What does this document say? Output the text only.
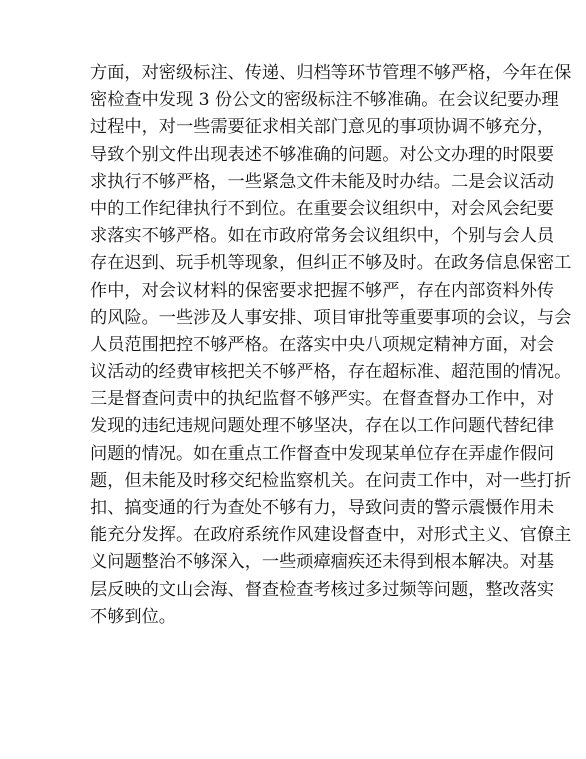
方面，对密级标注、传递、归档等环节管理不够严格，今年在保
密检查中发现 3 份公文的密级标注不够准确。在会议纪要办理
过程中，对一些需要征求相关部门意见的事项协调不够充分，
导致个别文件出现表述不够准确的问题。对公文办理的时限要
求执行不够严格，一些紧急文件未能及时办结。二是会议活动
中的工作纪律执行不到位。在重要会议组织中，对会风会纪要
求落实不够严格。如在市政府常务会议组织中，个别与会人员
存在迟到、玩手机等现象，但纠正不够及时。在政务信息保密工
作中，对会议材料的保密要求把握不够严，存在内部资料外传
的风险。一些涉及人事安排、项目审批等重要事项的会议，与会
人员范围把控不够严格。在落实中央八项规定精神方面，对会
议活动的经费审核把关不够严格，存在超标准、超范围的情况。
三是督查问责中的执纪监督不够严实。在督查督办工作中，对
发现的违纪违规问题处理不够坚决，存在以工作问题代替纪律
问题的情况。如在重点工作督查中发现某单位存在弄虚作假问
题，但未能及时移交纪检监察机关。在问责工作中，对一些打折
扣、搞变通的行为查处不够有力，导致问责的警示震慑作用未
能充分发挥。在政府系统作风建设督查中，对形式主义、官僚主
义问题整治不够深入，一些顽瘴痼疾还未得到根本解决。对基
层反映的文山会海、督查检查考核过多过频等问题，整改落实
不够到位。
